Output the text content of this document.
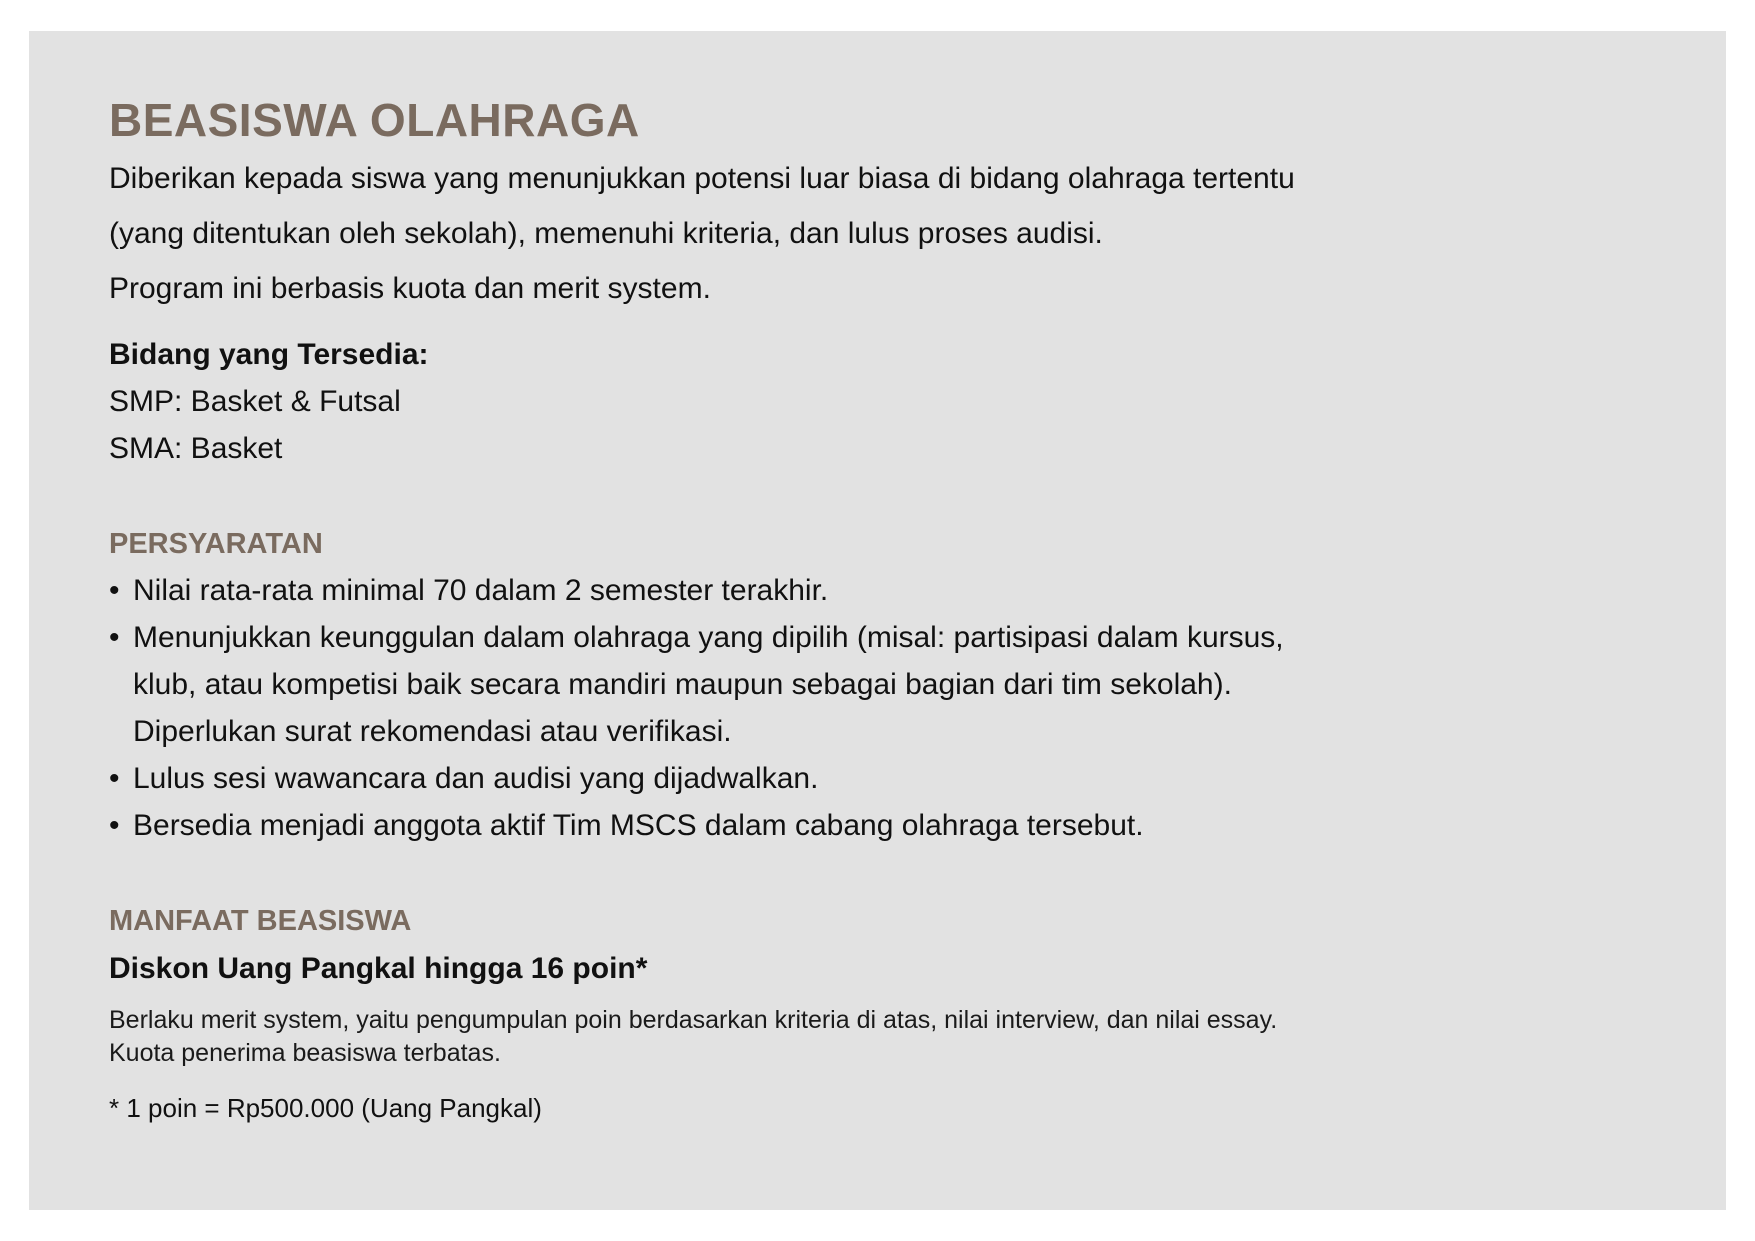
BEASISWA OLAHRAGA

Diberikan kepada siswa yang menunjukkan potensi luar biasa di bidang olahraga tertentu

(yang ditentukan oleh sekolah), memenuhi kriteria, dan lulus proses audisi.

Program ini berbasis kuota dan merit system.

Bidang yang Tersedia:

SMP: Basket & Futsal

SMA: Basket

PERSYARATAN
• Nilai rata-rata minimal 70 dalam 2 semester terakhir.
• Menunjukkan keunggulan dalam olahraga yang dipilih (misal: partisipasi dalam kursus,
klub, atau kompetisi baik secara mandiri maupun sebagai bagian dari tim sekolah).
Diperlukan surat rekomendasi atau verifikasi.
• Lulus sesi wawancara dan audisi yang dijadwalkan.
• Bersedia menjadi anggota aktif Tim MSCS dalam cabang olahraga tersebut.
MANFAAT BEASISWA

Diskon Uang Pangkal hingga 16 poin*

Berlaku merit system, yaitu pengumpulan poin berdasarkan kriteria di atas, nilai interview, dan nilai essay.
Kuota penerima beasiswa terbatas.

* 1 poin = Rp500.000 (Uang Pangkal)
